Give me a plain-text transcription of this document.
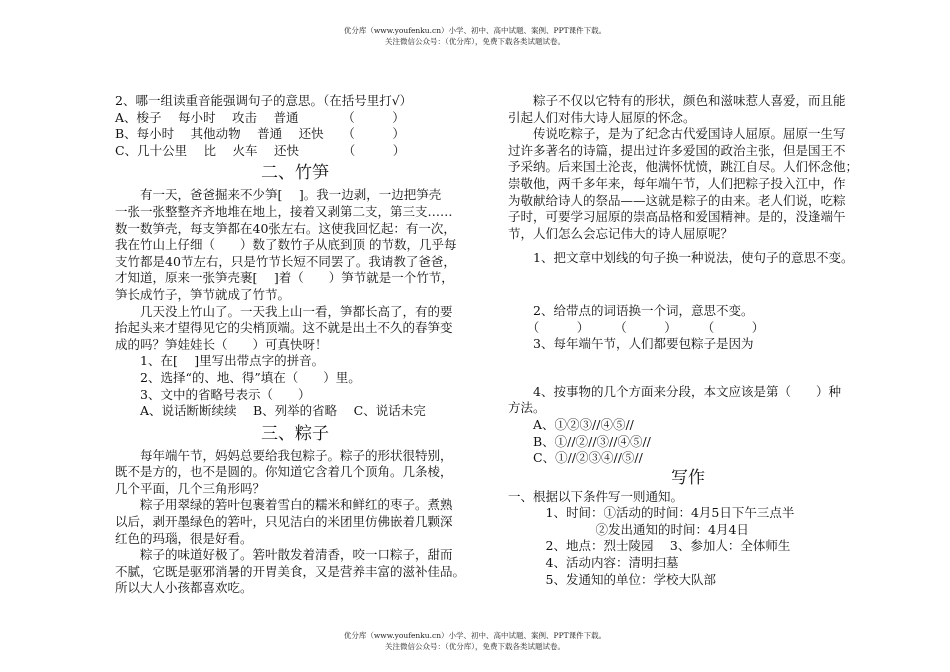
优分库（www.youfenku.cn）小学、初中、高中试题、案例、PPT课件下载。
关注微信公众号：（优分库），免费下载各类试题试卷。
2、哪一组读重音能强调句子的意思。（在括号里打√）
A、梭子　 每小时　 攻击　 普通　　　　（　　　）
B、每小时　 其他动物　 普通　 还快　　（　　　）
C、几十公里　 比　 火车　 还快　　　　（　　　）
二、竹笋
　　有一天，爸爸掘来不少笋[　 ]。我一边剥，一边把笋壳
一张一张整整齐齐地堆在地上，接着又剥第二支，第三支……
数一数笋壳，每支笋都在40张左右。这使我回忆起：有一次，
我在竹山上仔细（　　）数了数竹子从底到顶 的节数，几乎每
支竹都是40节左右，只是竹节长短不同罢了。我请教了爸爸，
才知道，原来一张笋壳裹[　 ]着（　　）笋节就是一个竹节，
笋长成竹子，笋节就成了竹节。
　　几天没上竹山了。一天我上山一看，笋都长高了，有的要
抬起头来才望得见它的尖梢顶端。这不就是出土不久的春笋变
成的吗？笋娃娃长（　　）可真快呀！
　　1、在[　 ]里写出带点字的拼音。
　　2、选择“的、地、得”填在（　　）里。
　　3、文中的省略号表示（　　）
　　A、说话断断续续　 B、列举的省略　 C、说话未完
三、粽子
　　每年端午节，妈妈总要给我包粽子。粽子的形状很特别，
既不是方的，也不是圆的。你知道它含着几个顶角。几条棱，
几个平面，几个三角形吗？
　　粽子用翠绿的箬叶包裹着雪白的糯米和鲜红的枣子。煮熟
以后，剥开墨绿色的箬叶，只见洁白的米团里仿佛嵌着几颗深
红色的玛瑙，很是好看。
　　粽子的味道好极了。箬叶散发着清香，咬一口粽子，甜而
不腻，它既是驱邪消暑的开胃美食，又是营养丰富的滋补佳品。
所以大人小孩都喜欢吃。
　　粽子不仅以它特有的形状，颜色和滋味惹人喜爱，而且能
引起人们对伟大诗人屈原的怀念。
　　传说吃粽子，是为了纪念古代爱国诗人屈原。屈原一生写
过许多著名的诗篇，提出过许多爱国的政治主张，但是国王不
予采纳。后来国土沦丧，他满怀忧愤，跳江自尽。人们怀念他；
崇敬他，两千多年来，每年端午节，人们把粽子投入江中，作
为敬献给诗人的祭品——这就是粽子的由来。老人们说，吃粽
子时，可要学习屈原的崇高品格和爱国精神。是的，没逢端午
节，人们怎么会忘记伟大的诗人屈原呢？
　　1、把文章中划线的句子换一种说法，使句子的意思不变。
　　2、给带点的词语换一个词，意思不变。
　　（　　　）　　　（　　　）　　　（　　　）
　　3、每年端午节，人们都要包粽子是因为
　　4、按事物的几个方面来分段，本文应该是第（　　）种
方法。
　　A、①②③//④⑤//
　　B、①//②//③//④⑤//
　　C、①//②③④//⑤//
写作
一、根据以下条件写一则通知。
　　　1、时间：①活动的时间：4月5日下午三点半
　　　　　　　②发出通知的时间：4月4日
　　　2、地点：烈士陵园　 3、参加人：全体师生
　　　4、活动内容：清明扫墓
　　　5、发通知的单位：学校大队部
优分库（www.youfenku.cn）小学、初中、高中试题、案例、PPT课件下载。
关注微信公众号：（优分库），免费下载各类试题试卷。
